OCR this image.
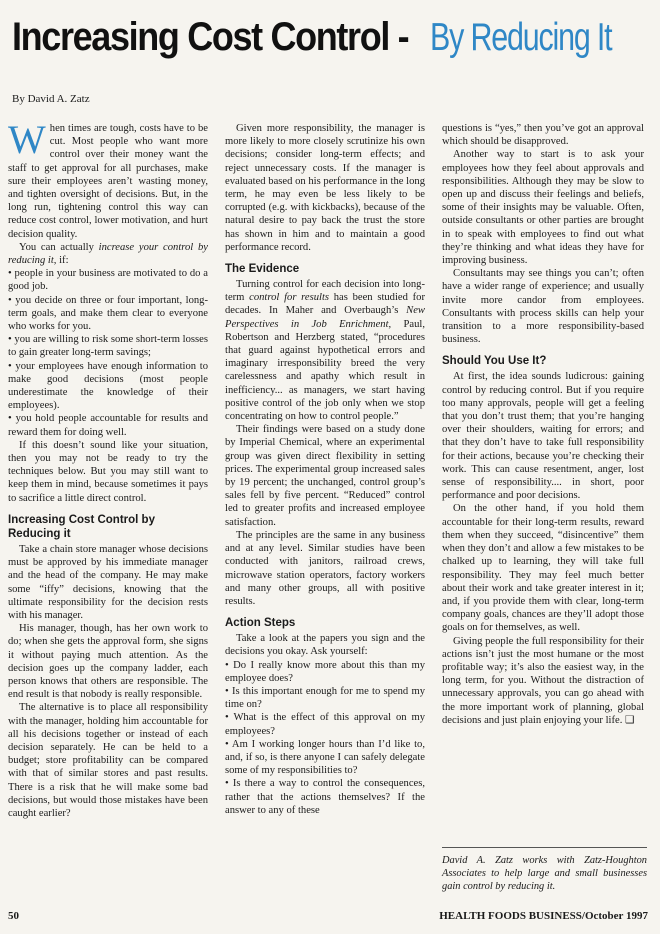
Increasing Cost Control -By Reducing It
By David A. Zatz

When times are tough, costs have to be cut. Most people who want more control over their money want the staff to get approval for all purchases, make sure their employees aren’t wasting money, and tighten oversight of decisions. But, in the long run, tightening control this way can reduce cost control, lower motivation, and hurt decision quality.

You can actually increase your control by reducing it, if:

• people in your business are motivated to do a good job.

• you decide on three or four important, long-term goals, and make them clear to everyone who works for you.

• you are willing to risk some short-term losses to gain greater long-term savings;

• your employees have enough information to make good decisions (most people underestimate the knowledge of their employees).

• you hold people accountable for results and reward them for doing well.

If this doesn’t sound like your situation, then you may not be ready to try the techniques below. But you may still want to keep them in mind, because sometimes it pays to sacrifice a little direct control.

Increasing Cost Control by Reducing it

Take a chain store manager whose decisions must be approved by his immediate manager and the head of the company. He may make some “iffy” decisions, knowing that the ultimate responsibility for the decision rests with his manager.

His manager, though, has her own work to do; when she gets the approval form, she signs it without paying much attention. As the decision goes up the company ladder, each person knows that others are responsible. The end result is that nobody is really responsible.

The alternative is to place all responsibility with the manager, holding him accountable for all his decisions together or instead of each decision separately. He can be held to a budget; store profitability can be compared with that of similar stores and past results. There is a risk that he will make some bad decisions, but would those mistakes have been caught earlier?

Given more responsibility, the manager is more likely to more closely scrutinize his own decisions; consider long-term effects; and reject unnecessary costs. If the manager is evaluated based on his performance in the long term, he may even be less likely to be corrupted (e.g. with kickbacks), because of the natural desire to pay back the trust the store has shown in him and to maintain a good performance record.

The Evidence

Turning control for each decision into long-term control for results has been studied for decades. In Maher and Overbaugh’s New Perspectives in Job Enrichment, Paul, Robertson and Herzberg stated, “procedures that guard against hypothetical errors and imaginary irresponsibility breed the very carelessness and apathy which result in inefficiency... as managers, we start having positive control of the job only when we stop concentrating on how to control people.”

Their findings were based on a study done by Imperial Chemical, where an experimental group was given direct flexibility in setting prices. The experimental group increased sales by 19 percent; the unchanged, control group’s sales fell by five percent. “Reduced” control led to greater profits and increased employee satisfaction.

The principles are the same in any business and at any level. Similar studies have been conducted with janitors, railroad crews, microwave station operators, factory workers and many other groups, all with positive results.

Action Steps

Take a look at the papers you sign and the decisions you okay. Ask yourself:

• Do I really know more about this than my employee does?

• Is this important enough for me to spend my time on?

• What is the effect of this approval on my employees?

• Am I working longer hours than I’d like to, and, if so, is there anyone I can safely delegate some of my responsibilities to?

• Is there a way to control the consequences, rather that the actions themselves? If the answer to any of these

questions is “yes,” then you’ve got an approval which should be disapproved.

Another way to start is to ask your employees how they feel about approvals and responsibilities. Although they may be slow to open up and discuss their feelings and beliefs, some of their insights may be valuable. Often, outside consultants or other parties are brought in to speak with employees to find out what they’re thinking and what ideas they have for improving business.

Consultants may see things you can’t; often have a wider range of experience; and usually invite more candor from employees. Consultants with process skills can help your transition to a more responsibility-based business.

Should You Use It?

At first, the idea sounds ludicrous: gaining control by reducing control. But if you require too many approvals, people will get a feeling that you don’t trust them; that you’re hanging over their shoulders, waiting for errors; and that they don’t have to take full responsibility for their actions, because you’re checking their work. This can cause resentment, anger, lost sense of responsibility.... in short, poor performance and poor decisions.

On the other hand, if you hold them accountable for their long-term results, reward them when they succeed, “disincentive” them when they don’t and allow a few mistakes to be chalked up to learning, they will take full responsibility. They may feel much better about their work and take greater interest in it; and, if you provide them with clear, long-term company goals, chances are they’ll adopt those goals on for themselves, as well.

Giving people the full responsibility for their actions isn’t just the most humane or the most profitable way; it’s also the easiest way, in the long term, for you. Without the distraction of unnecessary approvals, you can go ahead with the more important work of planning, global decisions and just plain enjoying your life. ❑

David A. Zatz works with Zatz-Houghton Associates to help large and small businesses gain control by reducing it.
50	HEALTH FOODS BUSINESS/October 1997
